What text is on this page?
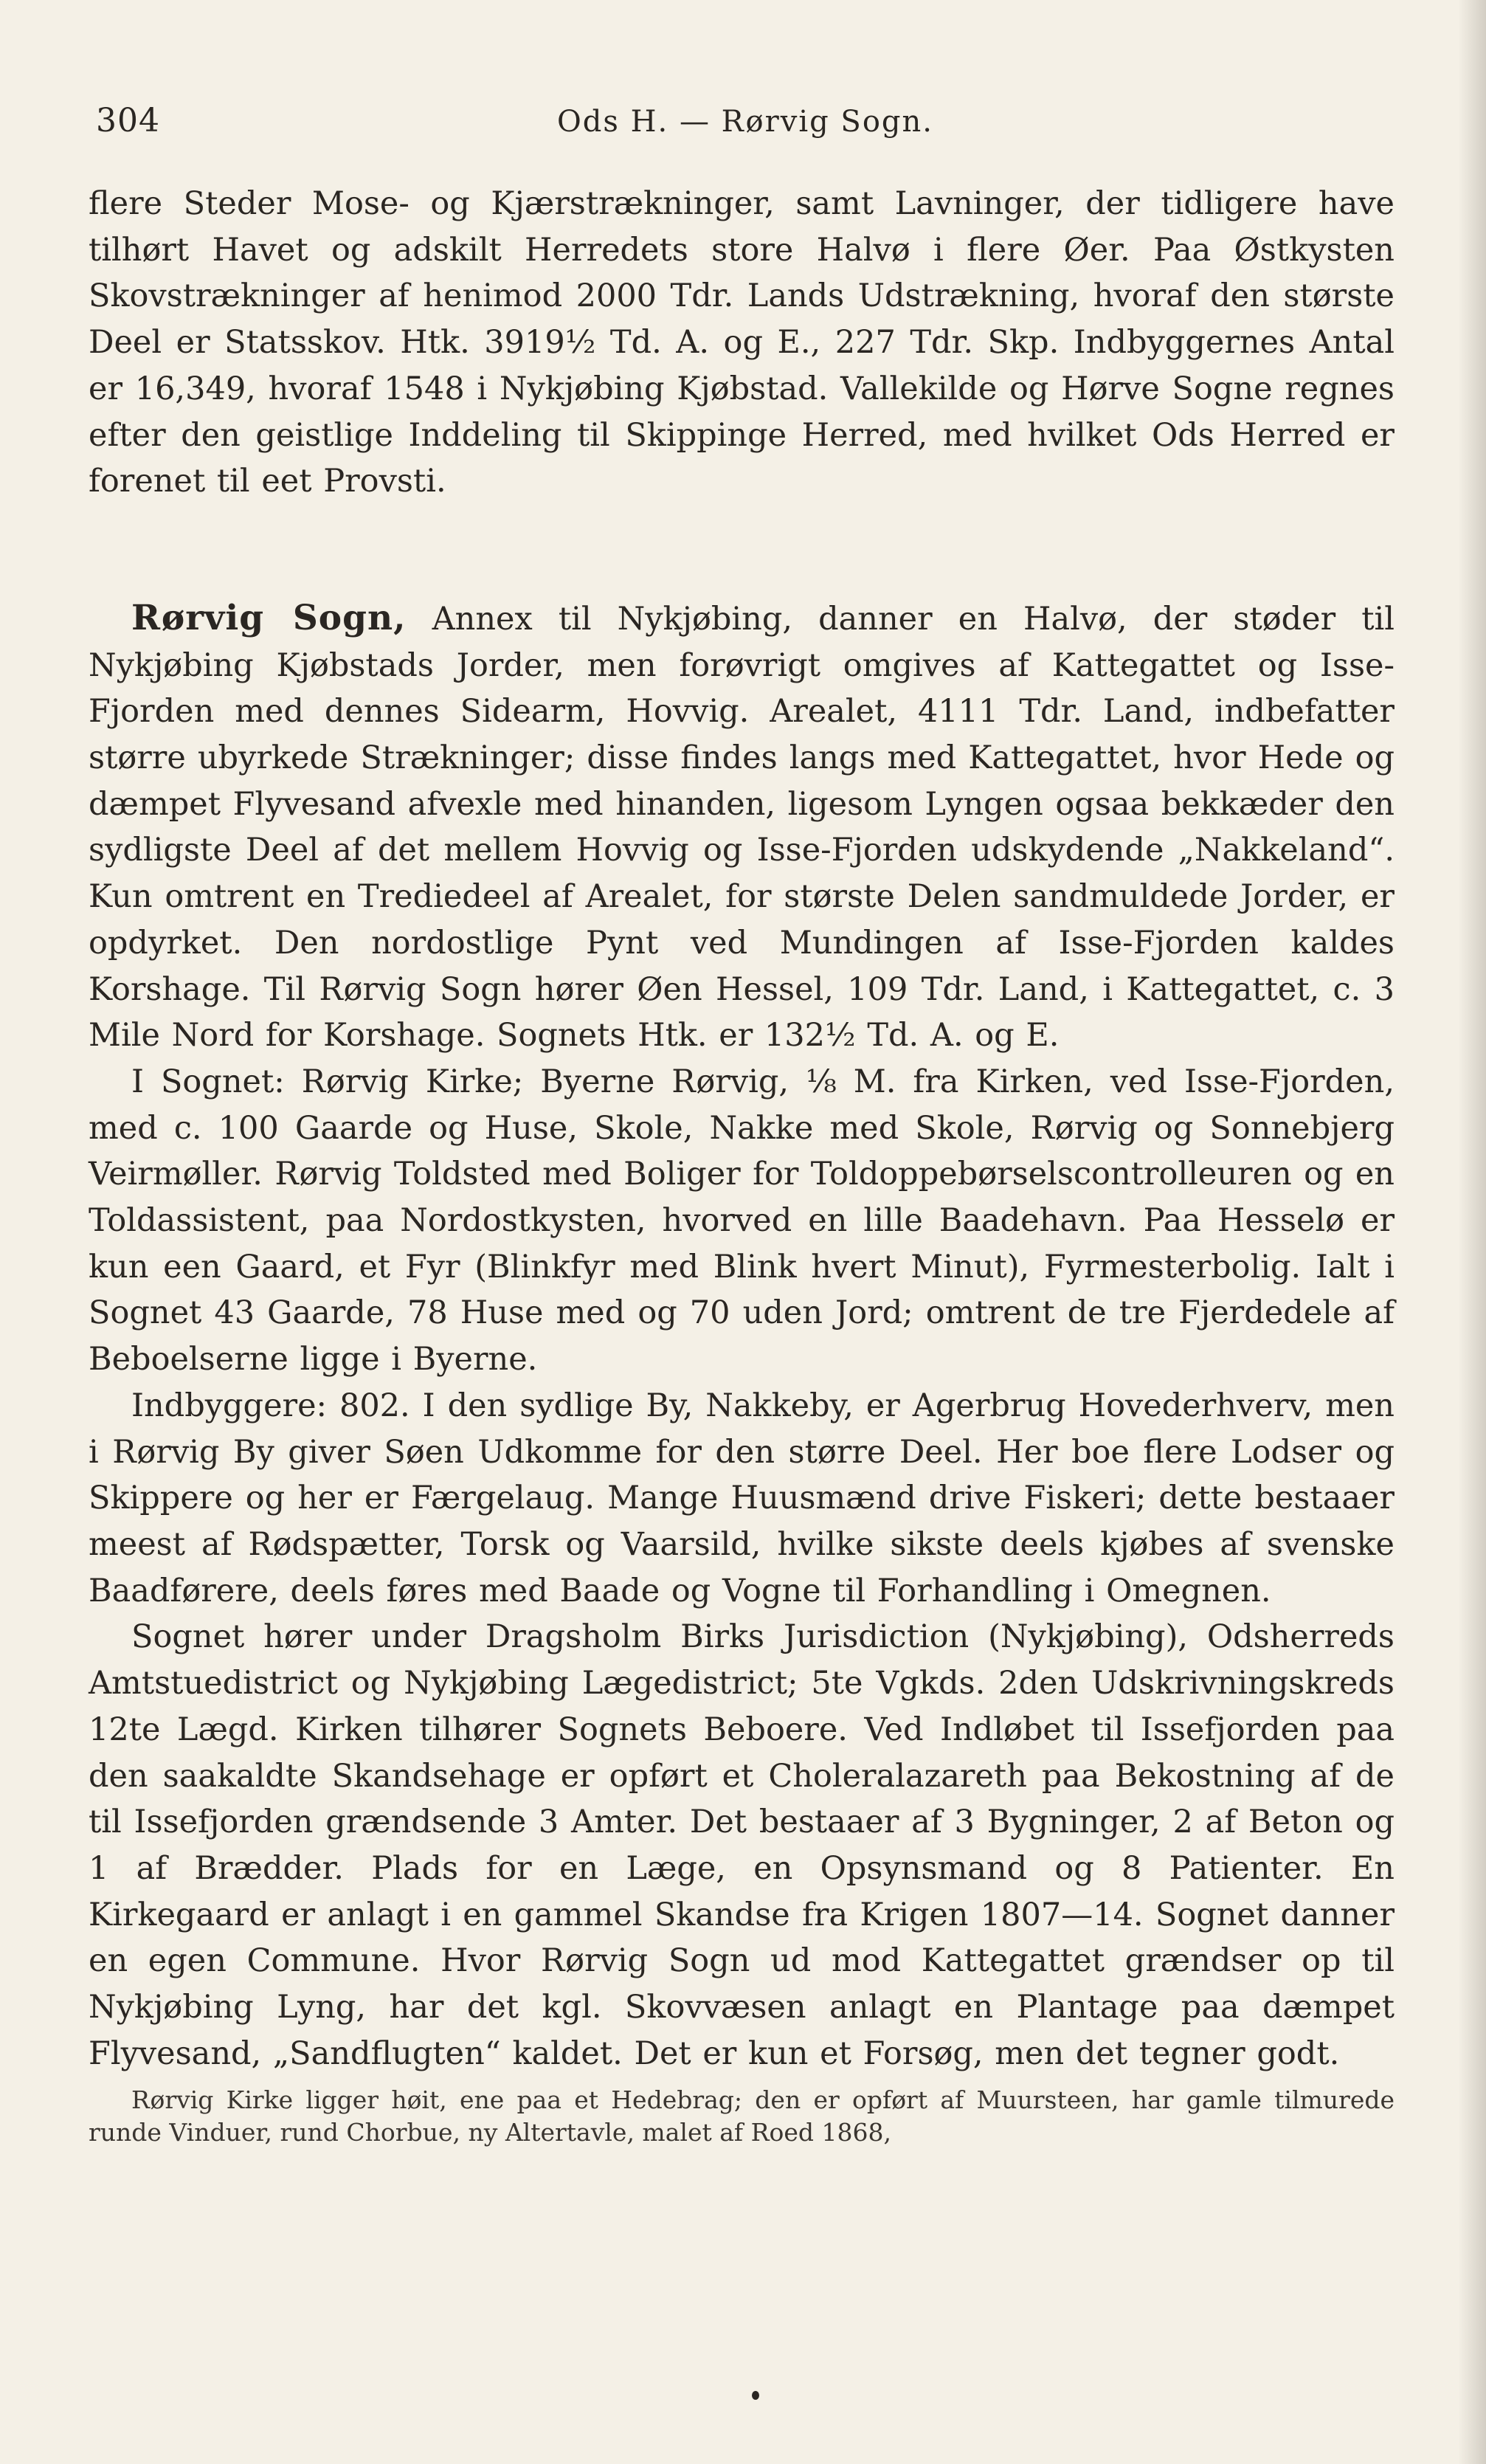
304	Ods H. — Rørvig Sogn.

flere Steder Mose- og Kjærstrækninger, samt Lavninger, der tidligere have tilhørt Havet og adskilt Herredets store Halvø i flere Øer. Paa Østkysten Skovstrækninger af henimod 2000 Tdr. Lands Udstrækning, hvoraf den største Deel er Statsskov. Htk. 3919½ Td. A. og E., 227 Tdr. Skp. Indbyggernes Antal er 16,349, hvoraf 1548 i Nykjøbing Kjøbstad. Vallekilde og Hørve Sogne regnes efter den geistlige Inddeling til Skippinge Herred, med hvilket Ods Herred er forenet til eet Provsti.

Rørvig Sogn, Annex til Nykjøbing, danner en Halvø, der støder til Nykjøbing Kjøbstads Jorder, men forøvrigt omgives af Kattegattet og Isse-Fjorden med dennes Sidearm, Hovvig. Arealet, 4111 Tdr. Land, indbefatter større ubyrkede Strækninger; disse findes langs med Kattegattet, hvor Hede og dæmpet Flyvesand afvexle med hinanden, ligesom Lyngen ogsaa bekkæder den sydligste Deel af det mellem Hovvig og Isse-Fjorden udskydende „Nakkeland“. Kun omtrent en Trediedeel af Arealet, for største Delen sandmuldede Jorder, er opdyrket. Den nordostlige Pynt ved Mundingen af Isse-Fjorden kaldes Korshage. Til Rørvig Sogn hører Øen Hessel, 109 Tdr. Land, i Kattegattet, c. 3 Mile Nord for Korshage. Sognets Htk. er 132½ Td. A. og E.

I Sognet: Rørvig Kirke; Byerne Rørvig, ⅛ M. fra Kirken, ved Isse-Fjorden, med c. 100 Gaarde og Huse, Skole, Nakke med Skole, Rørvig og Sonnebjerg Veirmøller. Rørvig Toldsted med Boliger for Toldoppebørselscontrolleuren og en Toldassistent, paa Nordostkysten, hvorved en lille Baadehavn. Paa Hesselø er kun een Gaard, et Fyr (Blinkfyr med Blink hvert Minut), Fyrmesterbolig. Ialt i Sognet 43 Gaarde, 78 Huse med og 70 uden Jord; omtrent de tre Fjerdedele af Beboelserne ligge i Byerne.

Indbyggere: 802. I den sydlige By, Nakkeby, er Agerbrug Hovederhverv, men i Rørvig By giver Søen Udkomme for den større Deel. Her boe flere Lodser og Skippere og her er Færgelaug. Mange Huusmænd drive Fiskeri; dette bestaaer meest af Rødspætter, Torsk og Vaarsild, hvilke sikste deels kjøbes af svenske Baadførere, deels føres med Baade og Vogne til Forhandling i Omegnen.

Sognet hører under Dragsholm Birks Jurisdiction (Nykjøbing), Odsherreds Amtstuedistrict og Nykjøbing Lægedistrict; 5te Vgkds. 2den Udskrivningskreds 12te Lægd. Kirken tilhører Sognets Beboere. Ved Indløbet til Issefjorden paa den saakaldte Skandsehage er opført et Choleralazareth paa Bekostning af de til Issefjorden grændsende 3 Amter. Det bestaaer af 3 Bygninger, 2 af Beton og 1 af Brædder. Plads for en Læge, en Opsynsmand og 8 Patienter. En Kirkegaard er anlagt i en gammel Skandse fra Krigen 1807—14. Sognet danner en egen Commune. Hvor Rørvig Sogn ud mod Kattegattet grændser op til Nykjøbing Lyng, har det kgl. Skovvæsen anlagt en Plantage paa dæmpet Flyvesand, „Sandflugten“ kaldet. Det er kun et Forsøg, men det tegner godt.

Rørvig Kirke ligger høit, ene paa et Hedebrag; den er opført af Muursteen, har gamle tilmurede runde Vinduer, rund Chorbue, ny Altertavle, malet af Roed 1868,
